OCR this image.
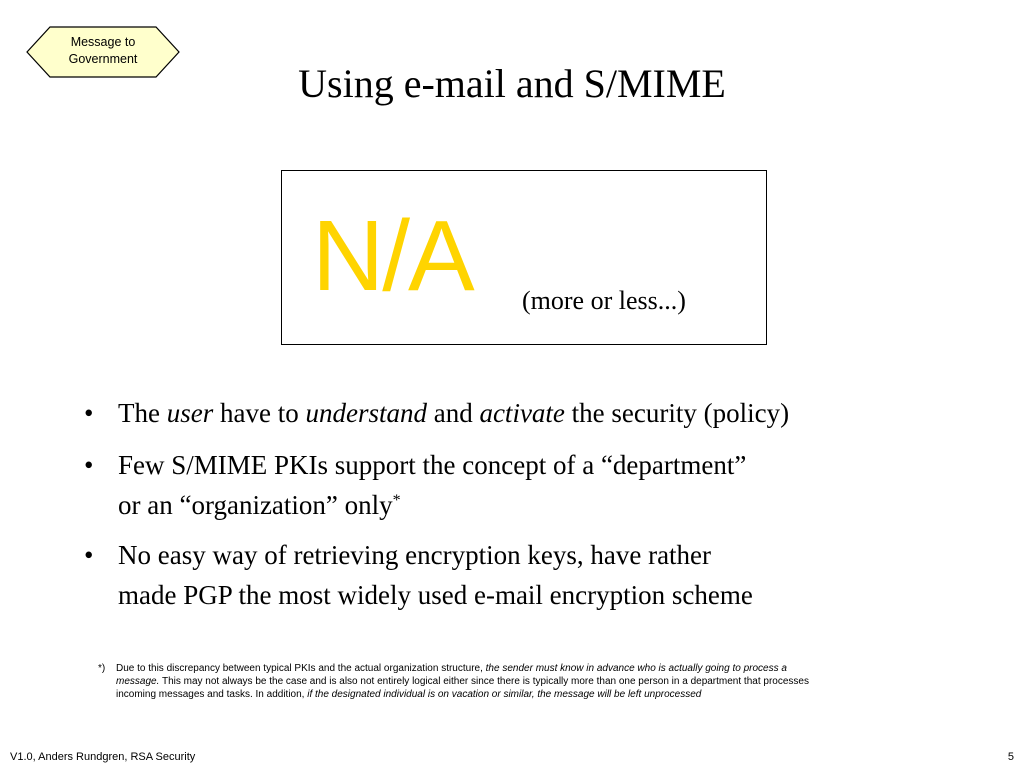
Message to
Government
Using e-mail and S/MIME
N/A (more or less...)
• The user have to understand and activate the security (policy)
• Few S/MIME PKIs support the concept of a “department”
or an “organization” only*
• No easy way of retrieving encryption keys, have rather
made PGP the most widely used e-mail encryption scheme
*) Due to this discrepancy between typical PKIs and the actual organization structure, the sender must know in advance who is actually going to process a
message. This may not always be the case and is also not entirely logical either since there is typically more than one person in a department that processes
incoming messages and tasks. In addition, if the designated individual is on vacation or similar, the message will be left unprocessed
V1.0, Anders Rundgren, RSA Security	5
